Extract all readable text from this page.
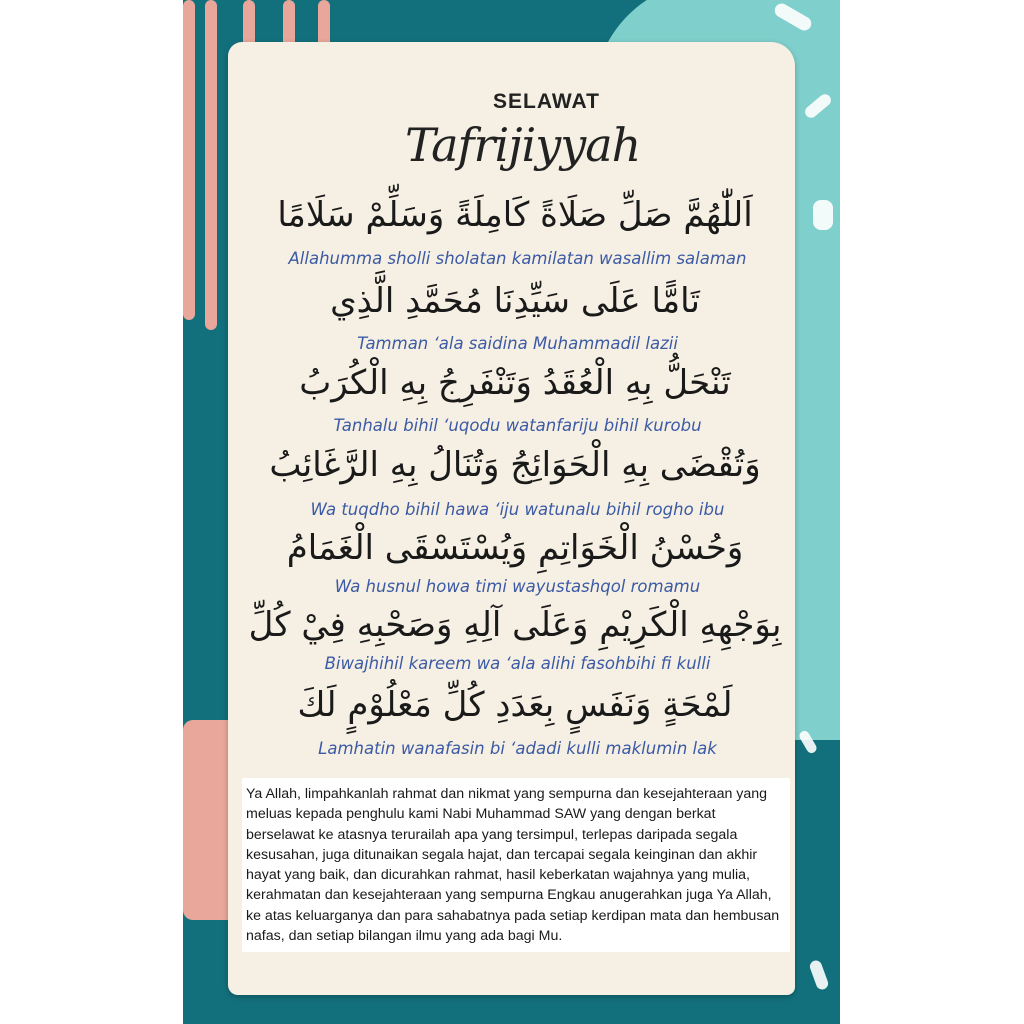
SELAWAT
Tafrijiyyah
اَللّٰهُمَّ صَلِّ صَلَاةً كَامِلَةً وَسَلِّمْ سَلَامًا
Allahumma sholli sholatan kamilatan wasallim salaman
تَامًّا عَلَى سَيِّدِنَا مُحَمَّدِ الَّذِي
Tamman ‘ala saidina Muhammadil lazii
تَنْحَلُّ بِهِ الْعُقَدُ وَتَنْفَرِجُ بِهِ الْكُرَبُ
Tanhalu bihil ‘uqodu watanfariju bihil kurobu
وَتُقْضَى بِهِ الْحَوَائِجُ وَتُنَالُ بِهِ الرَّغَائِبُ
Wa tuqdho bihil hawa ‘iju watunalu bihil rogho ibu
وَحُسْنُ الْخَوَاتِمِ وَيُسْتَسْقَى الْغَمَامُ
Wa husnul howa timi wayustashqol romamu
بِوَجْهِهِ الْكَرِيْمِ وَعَلَى آلِهِ وَصَحْبِهِ فِيْ كُلِّ
Biwajhihil kareem wa ‘ala alihi fasohbihi fi kulli
لَمْحَةٍ وَنَفَسٍ بِعَدَدِ كُلِّ مَعْلُوْمٍ لَكَ
Lamhatin wanafasin bi ‘adadi kulli maklumin lak
Ya Allah, limpahkanlah rahmat dan nikmat yang sempurna dan kesejahteraan yang meluas kepada penghulu kami Nabi Muhammad SAW yang dengan berkat berselawat ke atasnya terurailah apa yang tersimpul, terlepas daripada segala kesusahan, juga ditunaikan segala hajat, dan tercapai segala keinginan dan akhir hayat yang baik, dan dicurahkan rahmat, hasil keberkatan wajahnya yang mulia, kerahmatan dan kesejahteraan yang sempurna Engkau anugerahkan juga Ya Allah, ke atas keluarganya dan para sahabatnya pada setiap kerdipan mata dan hembusan nafas, dan setiap bilangan ilmu yang ada bagi Mu.
